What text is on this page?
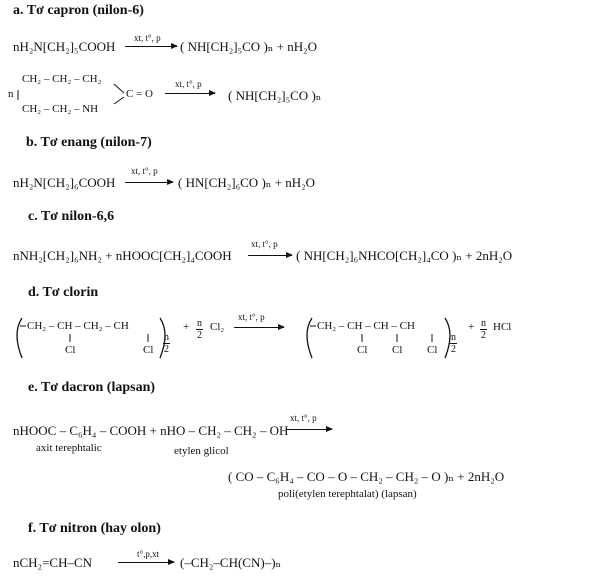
a. Tơ capron (nilon-6)
nH₂N[CH₂]₅COOH
xt, t°, p
( NH[CH₂]₅CO )ₙ + nH₂O
CH₂ – CH₂ – CH₂
n	C = O
CH₂ – CH₂ – NH
xt, t°, p
( NH[CH₂]₅CO )ₙ
b. Tơ enang (nilon-7)
nH₂N[CH₂]₆COOH
xt, t°, p
( HN[CH₂]₆CO )ₙ + nH₂O
c. Tơ nilon-6,6
nNH₂[CH₂]₆NH₂ + nHOOC[CH₂]₄COOH
xt, t°, p
( NH[CH₂]₆NHCO[CH₂]₄CO )ₙ + 2nH₂O
d. Tơ clorin
CH₂ – CH – CH₂ – CH
Cl	Cl $\frac{n}{2}$
+ $\frac{n}{2} Cl_2$
xt, t°, p
CH₂ – CH – CH – CH
Cl Cl Cl $\frac{n}{2}$
+ $\frac{n}{2}$ HCl
e. Tơ dacron (lapsan)
nHOOC – C₆H₄ – COOH + nHO – CH₂ – CH₂ – OH
xt, t°, p
axit terephtalic	etylen glicol
( CO – C₆H₄ – CO – O – CH₂ – CH₂ – O )ₙ + 2nH₂O
poli(etylen terephtalat) (lapsan)
f. Tơ nitron (hay olon)
nCH₂=CH–CN
t°,p,xt
(–CH₂–CH(CN)–)ₙ
